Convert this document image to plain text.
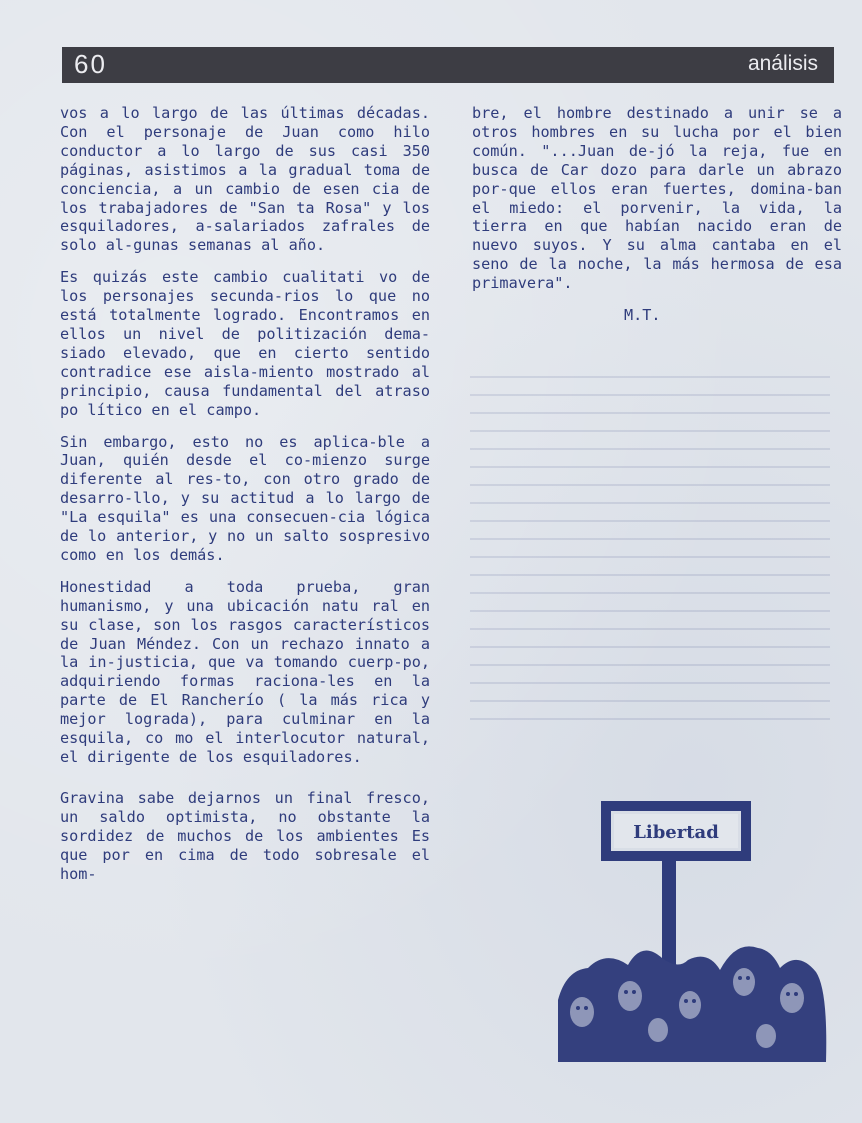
60	análisis

vos a lo largo de las últimas décadas. Con el personaje de Juan como hilo conductor a lo largo de sus casi 350 páginas, asistimos a la gradual toma de conciencia, a un cambio de esen cia de los trabajadores de "San ta Rosa" y los esquiladores, a-salariados zafrales de solo al-gunas semanas al año.

Es quizás este cambio cualitati vo de los personajes secunda-rios lo que no está totalmente logrado. Encontramos en ellos un nivel de politización dema-siado elevado, que en cierto sentido contradice ese aisla-miento mostrado al principio, causa fundamental del atraso po lítico en el campo.

Sin embargo, esto no es aplica-ble a Juan, quién desde el co-mienzo surge diferente al res-to, con otro grado de desarro-llo, y su actitud a lo largo de "La esquila" es una consecuen-cia lógica de lo anterior, y no un salto sospresivo como en los demás.

Honestidad a toda prueba, gran humanismo, y una ubicación natu ral en su clase, son los rasgos característicos de Juan Méndez. Con un rechazo innato a la in-justicia, que va tomando cuerp-po, adquiriendo formas raciona-les en la parte de El Rancherío ( la más rica y mejor lograda), para culminar en la esquila, co mo el interlocutor natural, el dirigente de los esquiladores.

Gravina sabe dejarnos un final fresco, un saldo optimista, no obstante la sordidez de muchos de los ambientes Es que por en cima de todo sobresale el hom-

bre, el hombre destinado a unir se a otros hombres en su lucha por el bien común. "...Juan de-jó la reja, fue en busca de Car dozo para darle un abrazo por-que ellos eran fuertes, domina-ban el miedo: el porvenir, la vida, la tierra en que habían nacido eran de nuevo suyos. Y su alma cantaba en el seno de la noche, la más hermosa de esa primavera".

M.T.
Libertad
